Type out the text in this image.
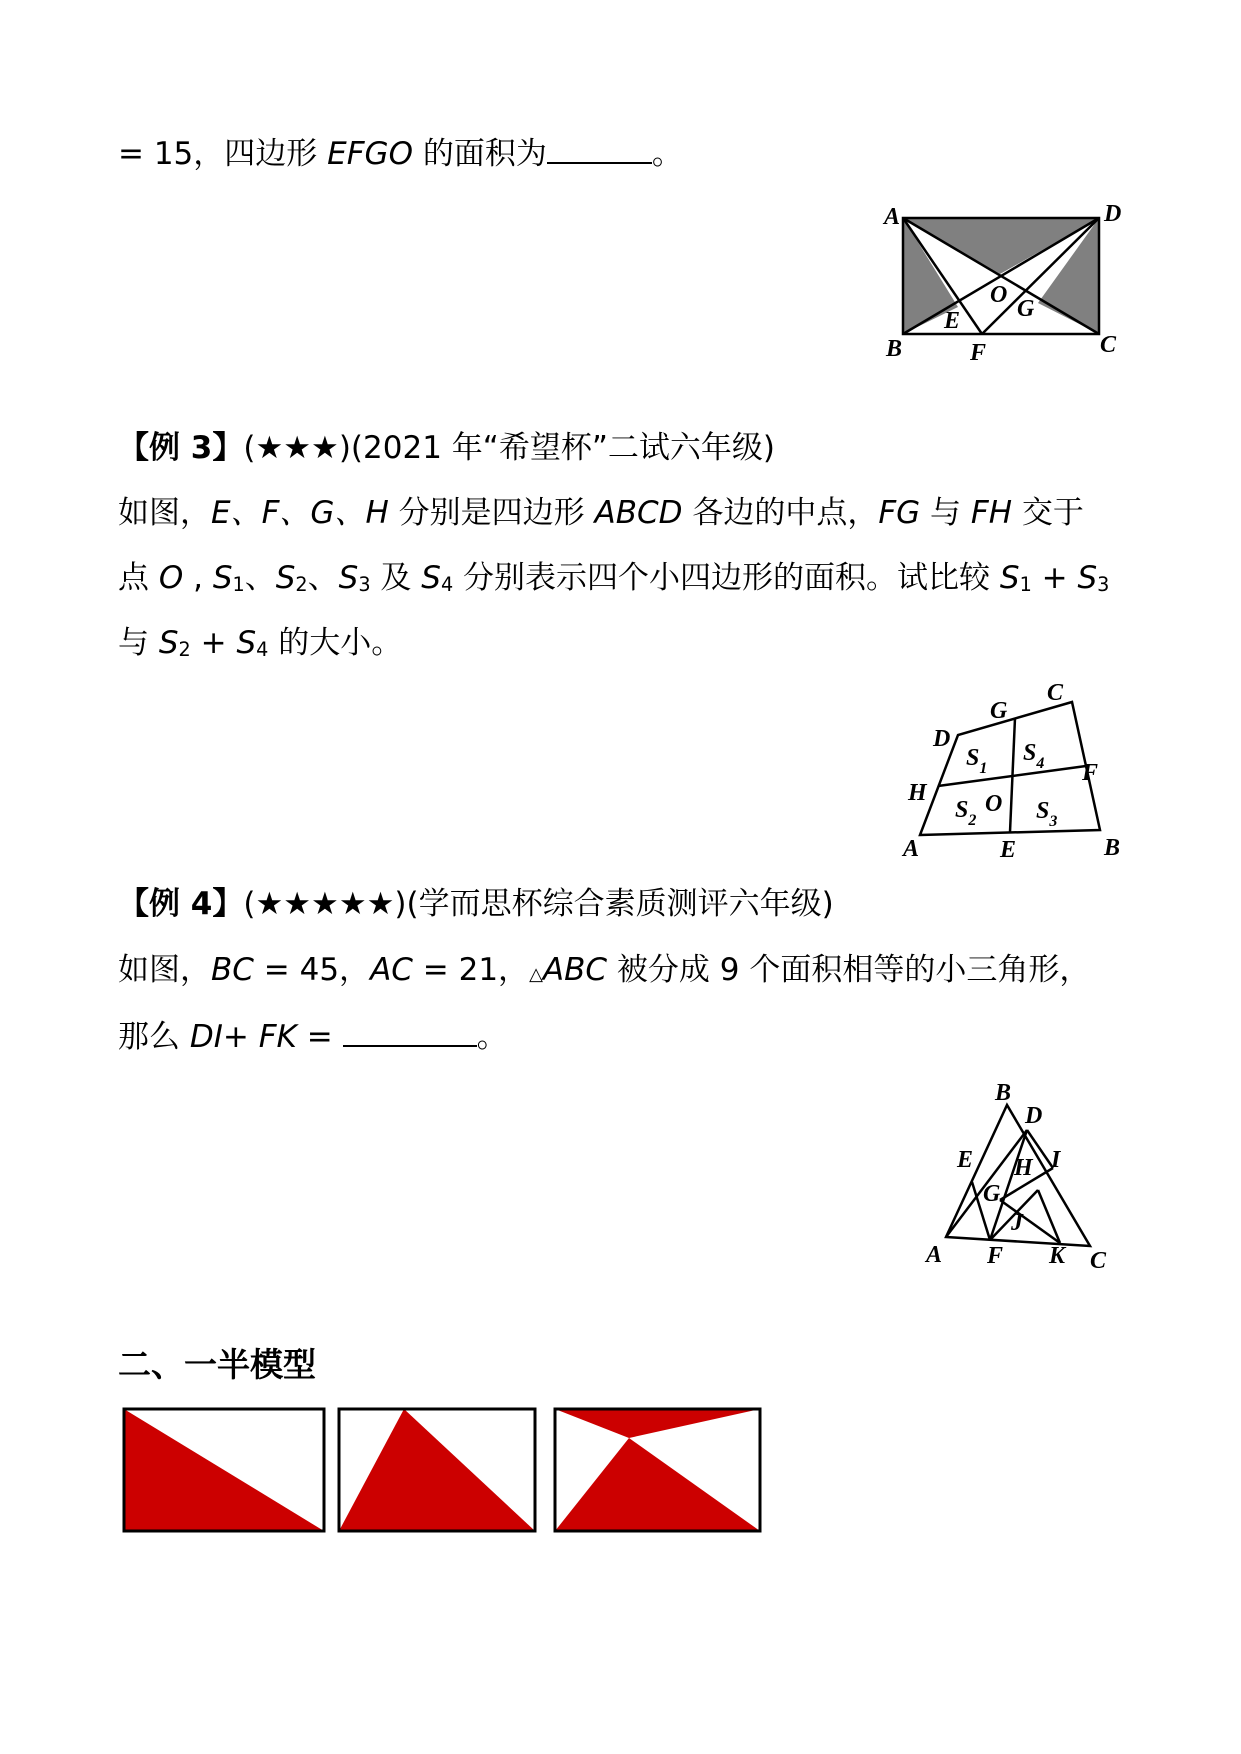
= 15，四边形 EFGO 的面积为	。
A	D
B	C
O
E
F
G
【例 3】(★★★)(2021 年“希望杯”二试六年级)
如图，E、F、G、H 分别是四边形 ABCD 各边的中点，FG 与 FH 交于
点 O , $S_1$、$S_2$、$S_3$ 及 $S_4$ 分别表示四个小四边形的面积。试比较 $S_1 + S_3$
与 $S_2 + S_4$ 的大小。
A	B
C
D
E
F
G
H O
$S_1$
$S_4$
$S_2$ $S_3$
【例 4】(★★★★★)(学而思杯综合素质测评六年级)
如图，BC = 45，AC = 21，△ABC 被分成 9 个面积相等的小三角形，
那么 DI+ FK =	。
B
D
E H I
G
J
A F K C
二、一半模型
